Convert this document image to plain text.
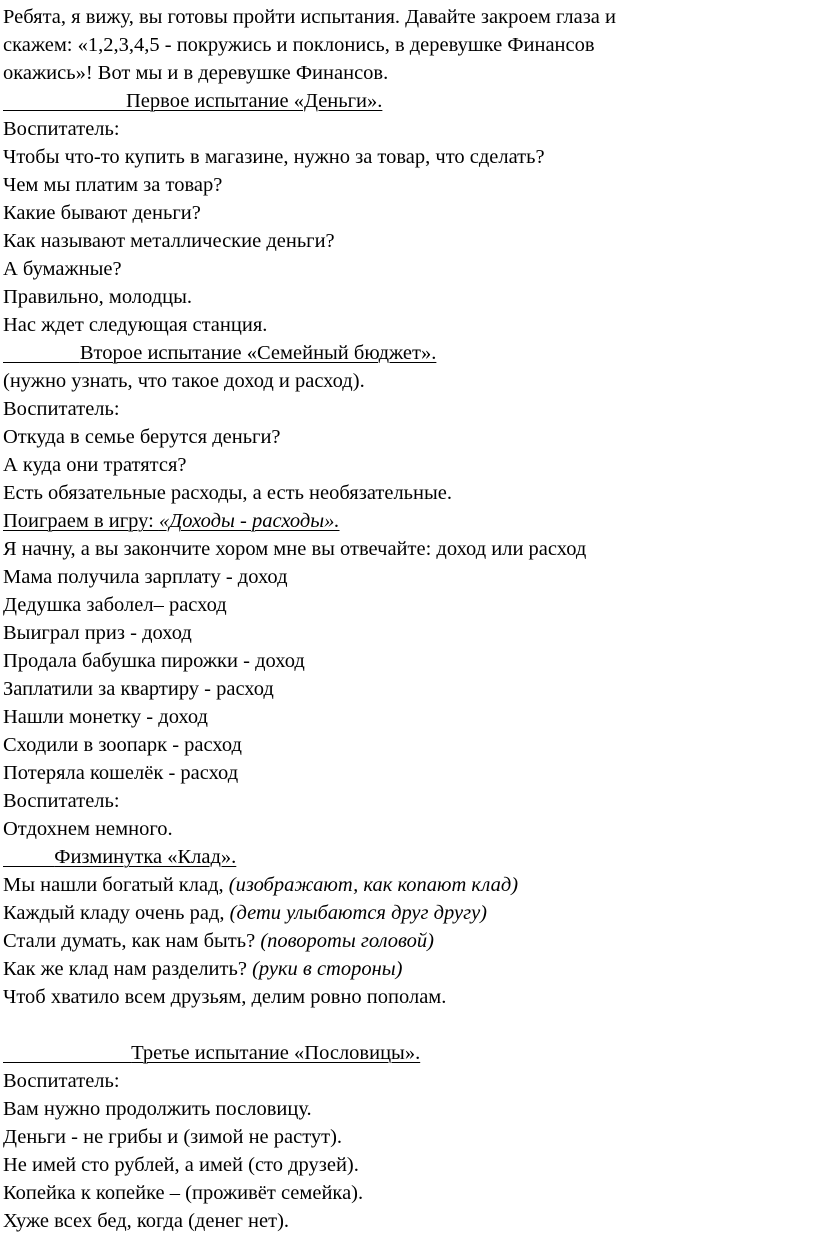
Ребята, я вижу, вы готовы пройти испытания. Давайте закроем глаза и

скажем: «1,2,3,4,5 - покружись и поклонись, в деревушке Финансов

окажись»! Вот мы и в деревушке Финансов.

Первое испытание «Деньги».

Воспитатель:

Чтобы что-то купить в магазине, нужно за товар, что сделать?

Чем мы платим за товар?

Какие бывают деньги?

Как называют металлические деньги?

А бумажные?

Правильно, молодцы.

Нас ждет следующая станция.

Второе испытание «Семейный бюджет».

(нужно узнать, что такое доход и расход).

Воспитатель:

Откуда в семье берутся деньги?

А куда они тратятся?

Есть обязательные расходы, а есть необязательные.

Поиграем в игру: «Доходы - расходы».

Я начну, а вы закончите хором мне вы отвечайте: доход или расход

Мама получила зарплату - доход

Дедушка заболел– расход

Выиграл приз - доход

Продала бабушка пирожки - доход

Заплатили за квартиру - расход

Нашли монетку - доход

Сходили в зоопарк - расход

Потеряла кошелёк - расход

Воспитатель:

Отдохнем немного.

Физминутка «Клад».

Мы нашли богатый клад, (изображают, как копают клад)

Каждый кладу очень рад, (дети улыбаются друг другу)

Стали думать, как нам быть? (повороты головой)

Как же клад нам разделить? (руки в стороны)

Чтоб хватило всем друзьям, делим ровно пополам.

Третье испытание «Пословицы».

Воспитатель:

Вам нужно продолжить пословицу.

Деньги - не грибы и (зимой не растут).

Не имей сто рублей, а имей (сто друзей).

Копейка к копейке – (проживёт семейка).

Хуже всех бед, когда (денег нет).
